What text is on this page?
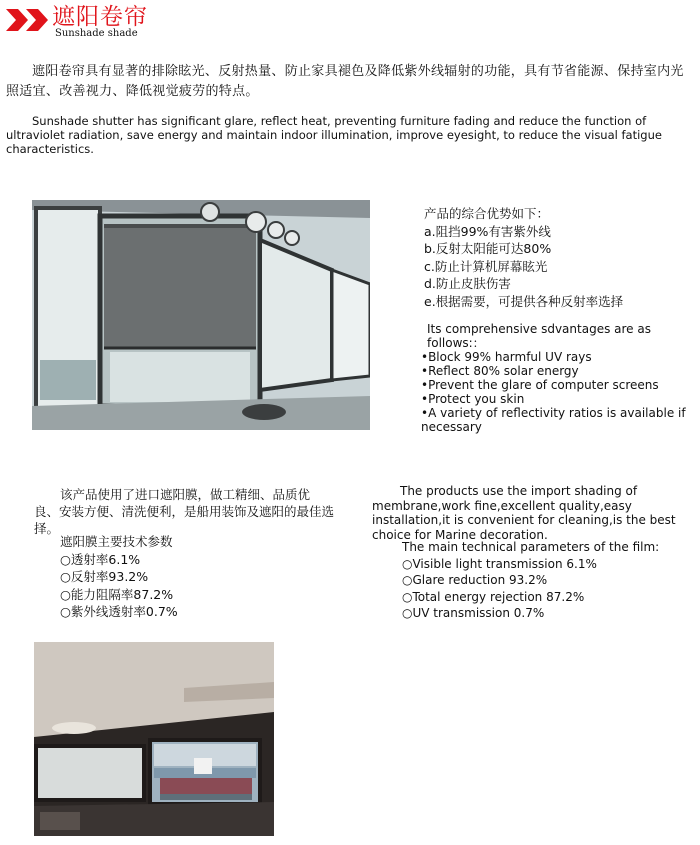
遮阳卷帘
Sunshade shade
遮阳卷帘具有显著的排除眩光、反射热量、防止家具褪色及降低紫外线辐射的功能，具有节省能源、保持室内光照适宜、改善视力、降低视觉疲劳的特点。
Sunshade shutter has significant glare, reflect heat, preventing furniture fading and reduce the function of ultraviolet radiation, save energy and maintain indoor illumination, improve eyesight, to reduce the visual fatigue characteristics.
产品的综合优势如下：
a.阻挡99%有害紫外线
b.反射太阳能可达80%
c.防止计算机屏幕眩光
d.防止皮肤伤害
e.根据需要，可提供各种反射率选择
Its comprehensive sdvantages are as follows:：
• Block 99% harmful UV rays
• Reflect 80% solar energy
• Prevent the glare of computer screens
• Protect you skin
• A variety of reflectivity ratios is available if necessary
该产品使用了进口遮阳膜，做工精细、品质优良、安装方便、清洗便利，是船用装饰及遮阳的最佳选择。
遮阳膜主要技术参数
○透射率6.1%
○反射率93.2%
○能力阻隔率87.2%
○紫外线透射率0.7%
The products use the import shading of membrane,work fine,excellent quality,easy installation,it is convenient for cleaning,is the best choice for Marine decoration.
The main technical parameters of the film:
○Visible light transmission 6.1%
○Glare reduction 93.2%
○Total energy rejection 87.2%
○UV transmission 0.7%
